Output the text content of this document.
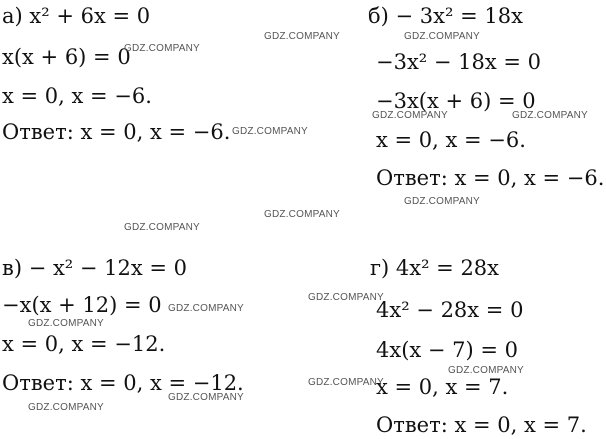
а) x² + 6x = 0

x(x + 6) = 0

x = 0, x = −6.

Ответ: x = 0, x = −6.

б) − 3x² = 18x

−3x² − 18x = 0

−3x(x + 6) = 0

x = 0, x = −6.

Ответ: x = 0, x = −6.

в) − x² − 12x = 0

−x(x + 12) = 0

x = 0, x = −12.

Ответ: x = 0, x = −12.

г) 4x² = 28x

4x² − 28x = 0

4x(x − 7) = 0

x = 0, x = 7.

Ответ: x = 0, x = 7.

GDZ.COMPANY
GDZ.COMPANY	GDZ.COMPANY
GDZ.COMPANY
GDZ.COMPANY	GDZ.COMPANY
GDZ.COMPANY
GDZ.COMPANY
GDZ.COMPANY
GDZ.COMPANY
GDZ.COMPANY
GDZ.COMPANY
GDZ.COMPANY
GDZ.COMPANY
GDZ.COMPANY
GDZ.COMPANY
